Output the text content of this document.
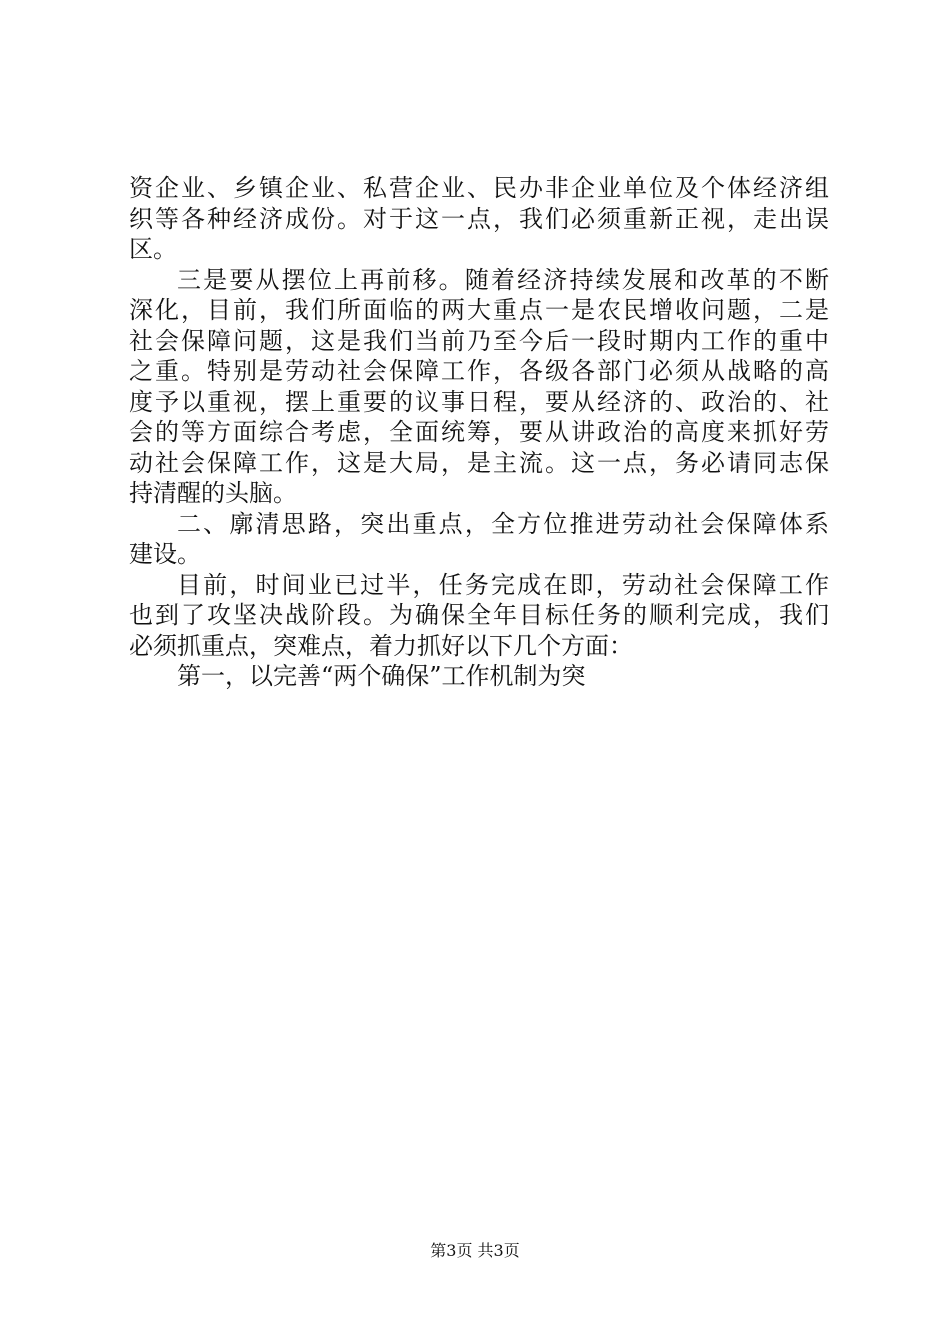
资企业、乡镇企业、私营企业、民办非企业单位及个体经济组
织等各种经济成份。对于这一点，我们必须重新正视，走出误
区。
三是要从摆位上再前移。随着经济持续发展和改革的不断
深化，目前，我们所面临的两大重点一是农民增收问题，二是
社会保障问题，这是我们当前乃至今后一段时期内工作的重中
之重。特别是劳动社会保障工作，各级各部门必须从战略的高
度予以重视，摆上重要的议事日程，要从经济的、政治的、社
会的等方面综合考虑，全面统筹，要从讲政治的高度来抓好劳
动社会保障工作，这是大局，是主流。这一点，务必请同志保
持清醒的头脑。
二、廓清思路，突出重点，全方位推进劳动社会保障体系
建设。
目前，时间业已过半，任务完成在即，劳动社会保障工作
也到了攻坚决战阶段。为确保全年目标任务的顺利完成，我们
必须抓重点，突难点，着力抓好以下几个方面：
第一，以完善“两个确保”工作机制为突
第3页 共3页
